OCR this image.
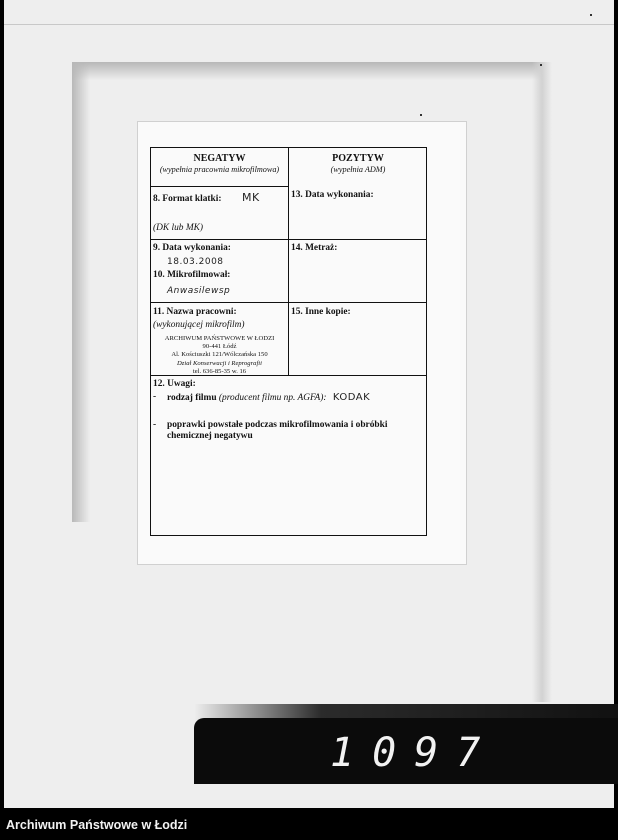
NEGATYW
(wypełnia pracownia mikrofilmowa)
POZYTYW
(wypełnia ADM)
8. Format klatki: MK
(DK lub MK)
13. Data wykonania:
9. Data wykonania:
18.03.2008
10. Mikrofilmował:
Anwasilewsp
14. Metraż:
11. Nazwa pracowni:
(wykonującej mikrofilm)
ARCHIWUM PAŃSTWOWE W ŁODZI
90-441 Łódź
Al. Kościuszki 121/Wólczańska 150
Dział Konserwacji i Reprografii
tel. 636-85-35 w. 16
15. Inne kopie:
12. Uwagi:
- rodzaj filmu (producent filmu np. AGFA): KODAK
- poprawki powstałe podczas mikrofilmowania i obróbki
chemicznej negatywu
1097
Archiwum Państwowe w Łodzi
